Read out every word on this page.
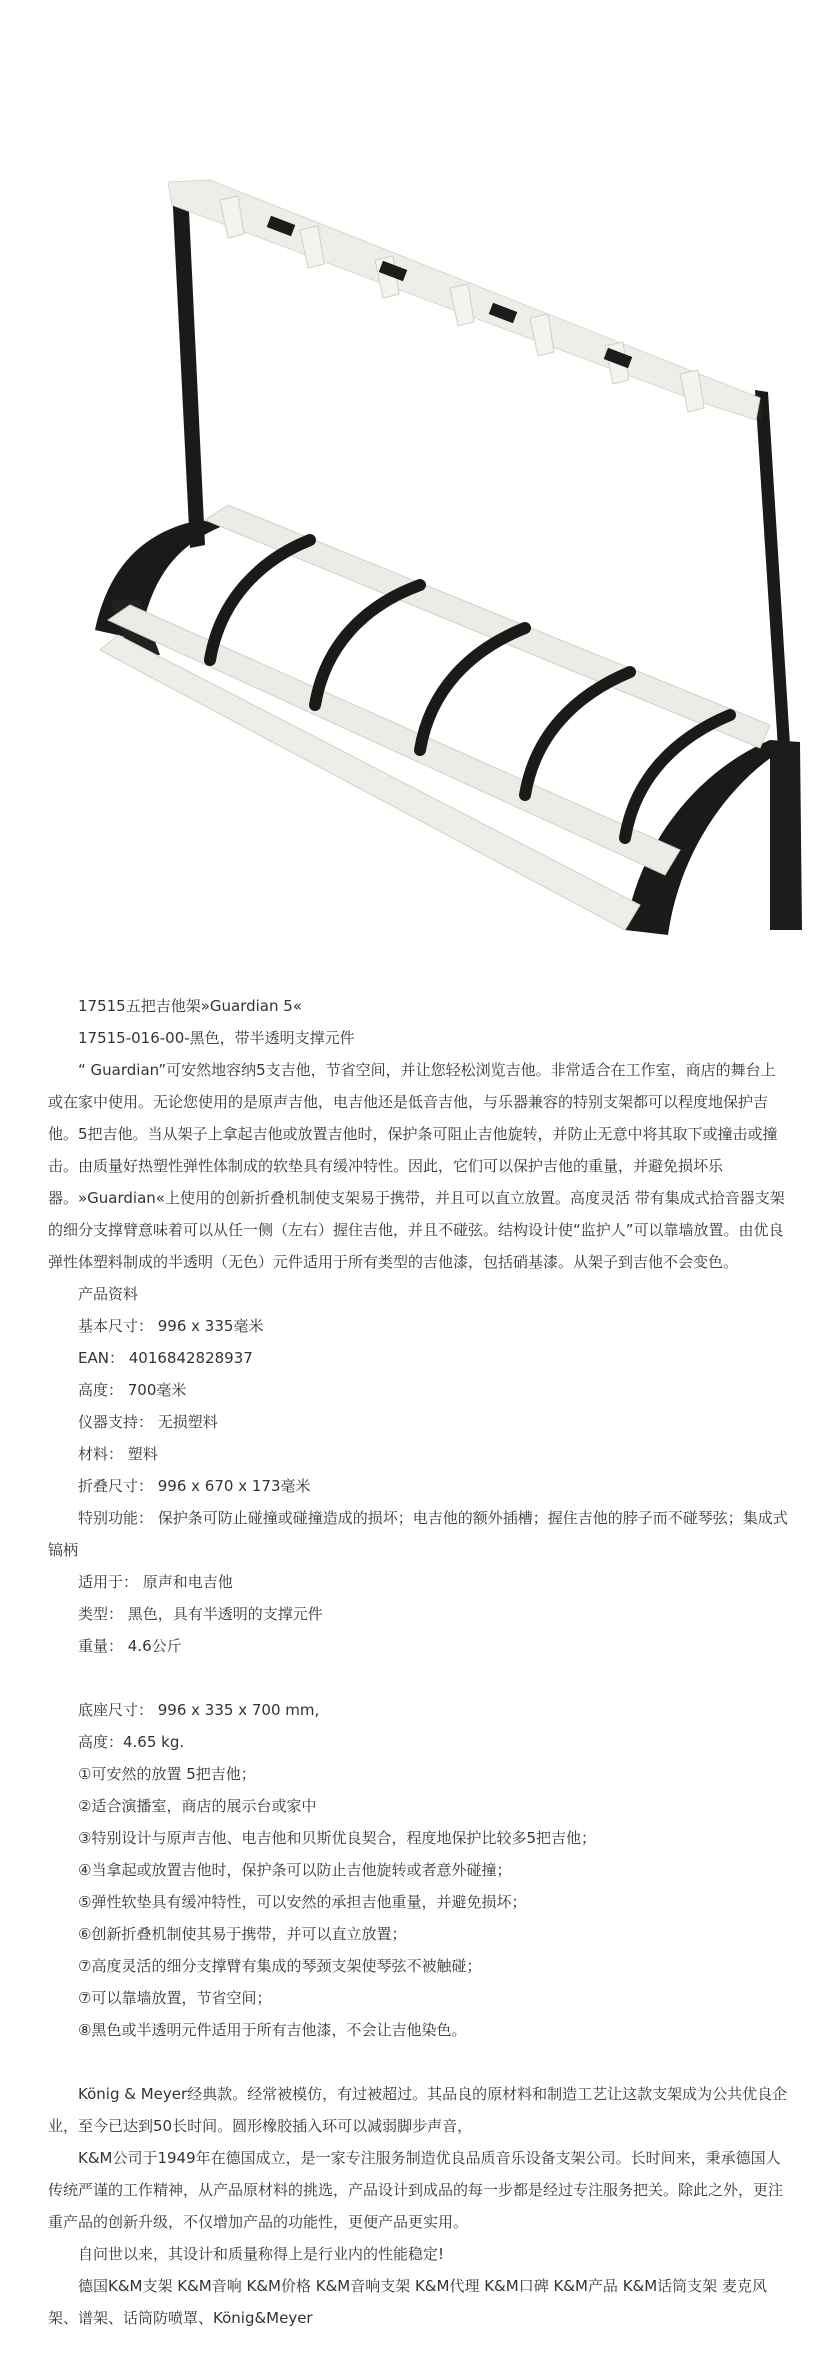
17515五把吉他架»Guardian 5«

17515-016-00-黑色，带半透明支撑元件

“ Guardian”可安然地容纳5支吉他，节省空间，并让您轻松浏览吉他。非常适合在工作室，商店的舞台上或在家中使用。无论您使用的是原声吉他，电吉他还是低音吉他，与乐器兼容的特别支架都可以程度地保护吉他。5把吉他。当从架子上拿起吉他或放置吉他时，保护条可阻止吉他旋转，并防止无意中将其取下或撞击或撞击。由质量好热塑性弹性体制成的软垫具有缓冲特性。因此，它们可以保护吉他的重量，并避免损坏乐器。»Guardian«上使用的创新折叠机制使支架易于携带，并且可以直立放置。高度灵活 带有集成式拾音器支架的细分支撑臂意味着可以从任一侧（左右）握住吉他，并且不碰弦。结构设计使“监护人”可以靠墙放置。由优良弹性体塑料制成的半透明（无色）元件适用于所有类型的吉他漆，包括硝基漆。从架子到吉他不会变色。

产品资料

基本尺寸： 996 x 335毫米

EAN： 4016842828937

高度： 700毫米

仪器支持： 无损塑料

材料： 塑料

折叠尺寸： 996 x 670 x 173毫米

特别功能： 保护条可防止碰撞或碰撞造成的损坏；电吉他的额外插槽；握住吉他的脖子而不碰琴弦；集成式镐柄

适用于： 原声和电吉他

类型： 黑色，具有半透明的支撑元件

重量： 4.6公斤

底座尺寸： 996 x 335 x 700 mm,

高度：4.65 kg.

①可安然的放置 5把吉他；

②适合演播室，商店的展示台或家中

③特别设计与原声吉他、电吉他和贝斯优良契合，程度地保护比较多5把吉他；

④当拿起或放置吉他时，保护条可以防止吉他旋转或者意外碰撞；

⑤弹性软垫具有缓冲特性，可以安然的承担吉他重量，并避免损坏；

⑥创新折叠机制使其易于携带，并可以直立放置；

⑦高度灵活的细分支撑臂有集成的琴颈支架使琴弦不被触碰；

⑦可以靠墙放置，节省空间；

⑧黑色或半透明元件适用于所有吉他漆，不会让吉他染色。

König & Meyer经典款。经常被模仿，有过被超过。其品良的原材料和制造工艺让这款支架成为公共优良企业，至今已达到50长时间。圆形橡胶插入环可以减弱脚步声音，

K&M公司于1949年在德国成立，是一家专注服务制造优良品质音乐设备支架公司。长时间来，秉承德国人传统严谨的工作精神，从产品原材料的挑选，产品设计到成品的每一步都是经过专注服务把关。除此之外，更注重产品的创新升级，不仅增加产品的功能性，更便产品更实用。

自问世以来，其设计和质量称得上是行业内的性能稳定!

德国K&M支架 K&M音响 K&M价格 K&M音响支架 K&M代理 K&M口碑 K&M产品 K&M话筒支架 麦克风架、谱架、话筒防喷罩、König&Meyer
